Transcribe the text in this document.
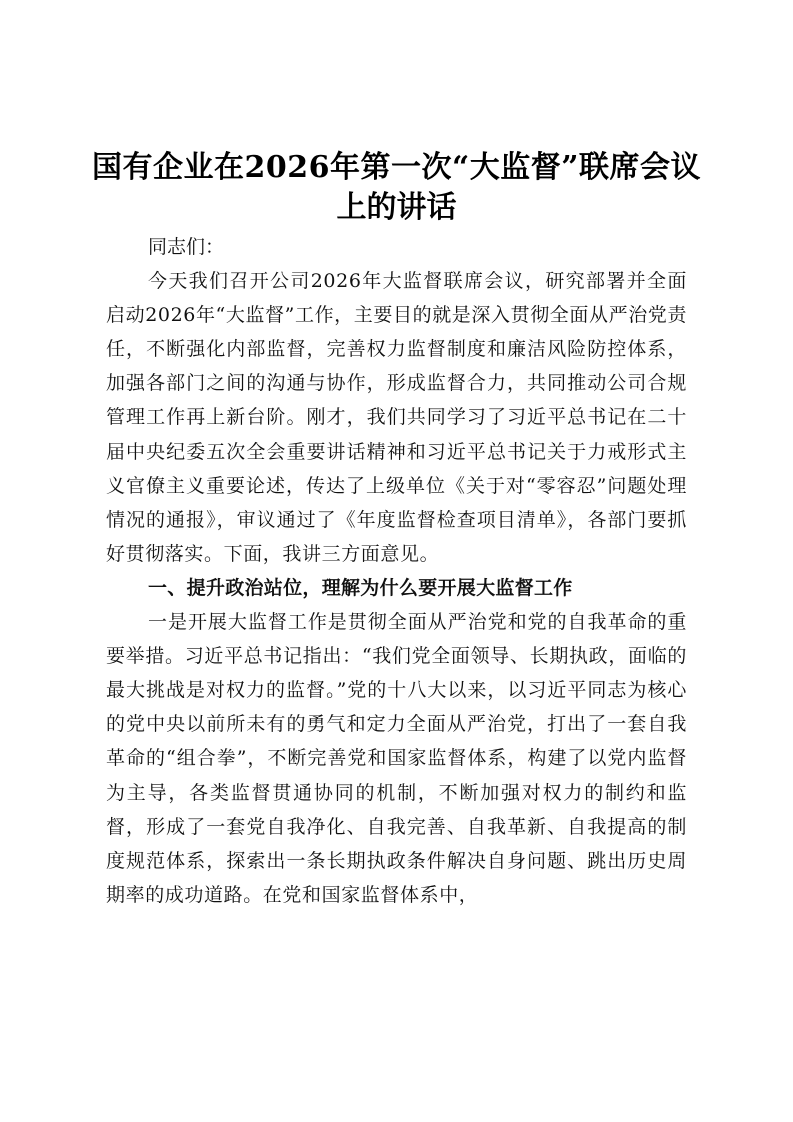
国有企业在2026年第一次“大监督”联席会议
上的讲话

同志们：

今天我们召开公司2026年大监督联席会议，研究部署并全面启动2026年“大监督”工作，主要目的就是深入贯彻全面从严治党责任，不断强化内部监督，完善权力监督制度和廉洁风险防控体系，加强各部门之间的沟通与协作，形成监督合力，共同推动公司合规管理工作再上新台阶。刚才，我们共同学习了习近平总书记在二十届中央纪委五次全会重要讲话精神和习近平总书记关于力戒形式主义官僚主义重要论述，传达了上级单位《关于对“零容忍”问题处理情况的通报》，审议通过了《年度监督检查项目清单》，各部门要抓好贯彻落实。下面，我讲三方面意见。

一、提升政治站位，理解为什么要开展大监督工作

一是开展大监督工作是贯彻全面从严治党和党的自我革命的重要举措。习近平总书记指出：“我们党全面领导、长期执政，面临的最大挑战是对权力的监督。”党的十八大以来，以习近平同志为核心的党中央以前所未有的勇气和定力全面从严治党，打出了一套自我革命的“组合拳”，不断完善党和国家监督体系，构建了以党内监督为主导，各类监督贯通协同的机制，不断加强对权力的制约和监督，形成了一套党自我净化、自我完善、自我革新、自我提高的制度规范体系，探索出一条长期执政条件解决自身问题、跳出历史周期率的成功道路。在党和国家监督体系中，
